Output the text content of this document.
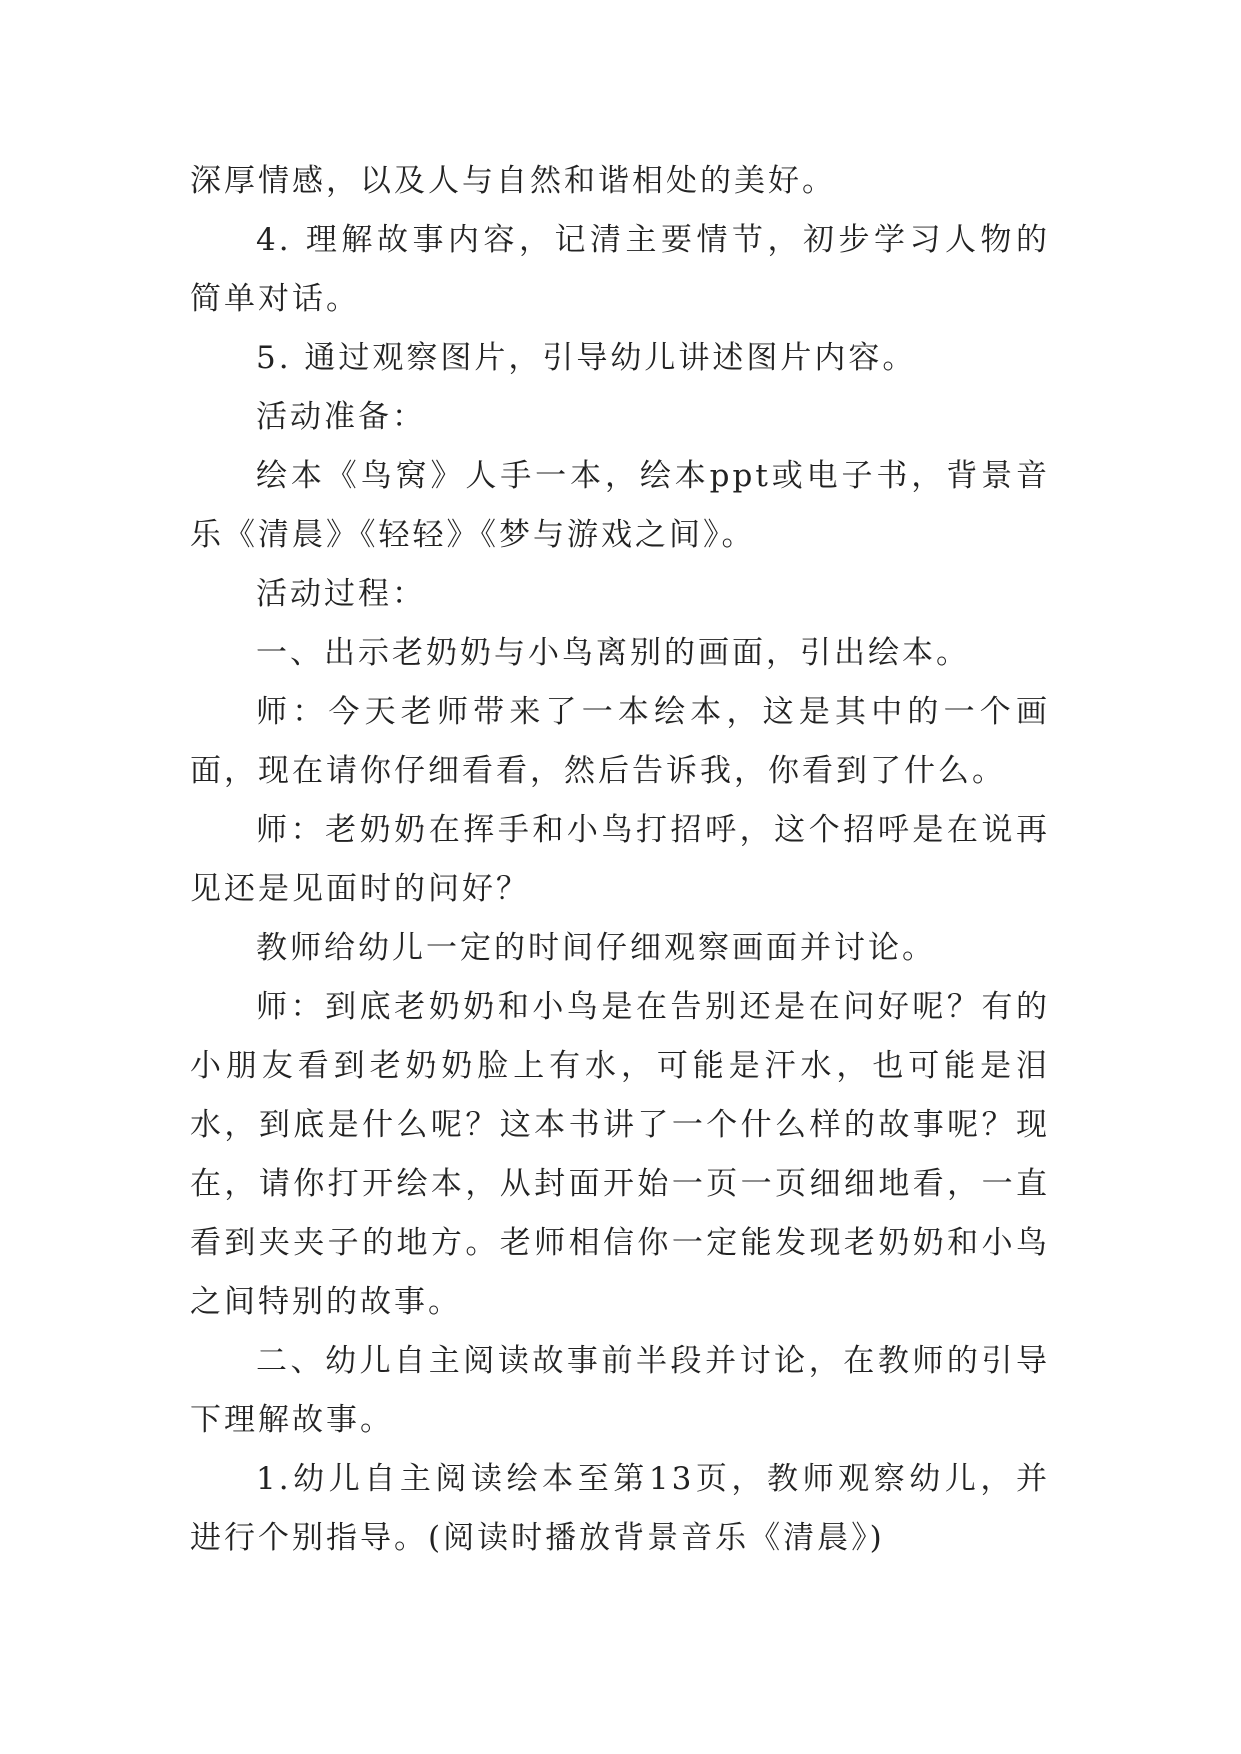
深厚情感，以及人与自然和谐相处的美好。

4. 理解故事内容，记清主要情节，初步学习人物的简单对话。

5. 通过观察图片，引导幼儿讲述图片内容。

活动准备：

绘本《鸟窝》人手一本，绘本ppt或电子书，背景音乐《清晨》《轻轻》《梦与游戏之间》。

活动过程：

一、出示老奶奶与小鸟离别的画面，引出绘本。

师：今天老师带来了一本绘本，这是其中的一个画面，现在请你仔细看看，然后告诉我，你看到了什么。

师：老奶奶在挥手和小鸟打招呼，这个招呼是在说再见还是见面时的问好？

教师给幼儿一定的时间仔细观察画面并讨论。

师：到底老奶奶和小鸟是在告别还是在问好呢？有的小朋友看到老奶奶脸上有水，可能是汗水，也可能是泪水，到底是什么呢？这本书讲了一个什么样的故事呢？现在，请你打开绘本，从封面开始一页一页细细地看，一直看到夹夹子的地方。老师相信你一定能发现老奶奶和小鸟之间特别的故事。

二、幼儿自主阅读故事前半段并讨论，在教师的引导下理解故事。

1.幼儿自主阅读绘本至第13页，教师观察幼儿，并进行个别指导。(阅读时播放背景音乐《清晨》)
